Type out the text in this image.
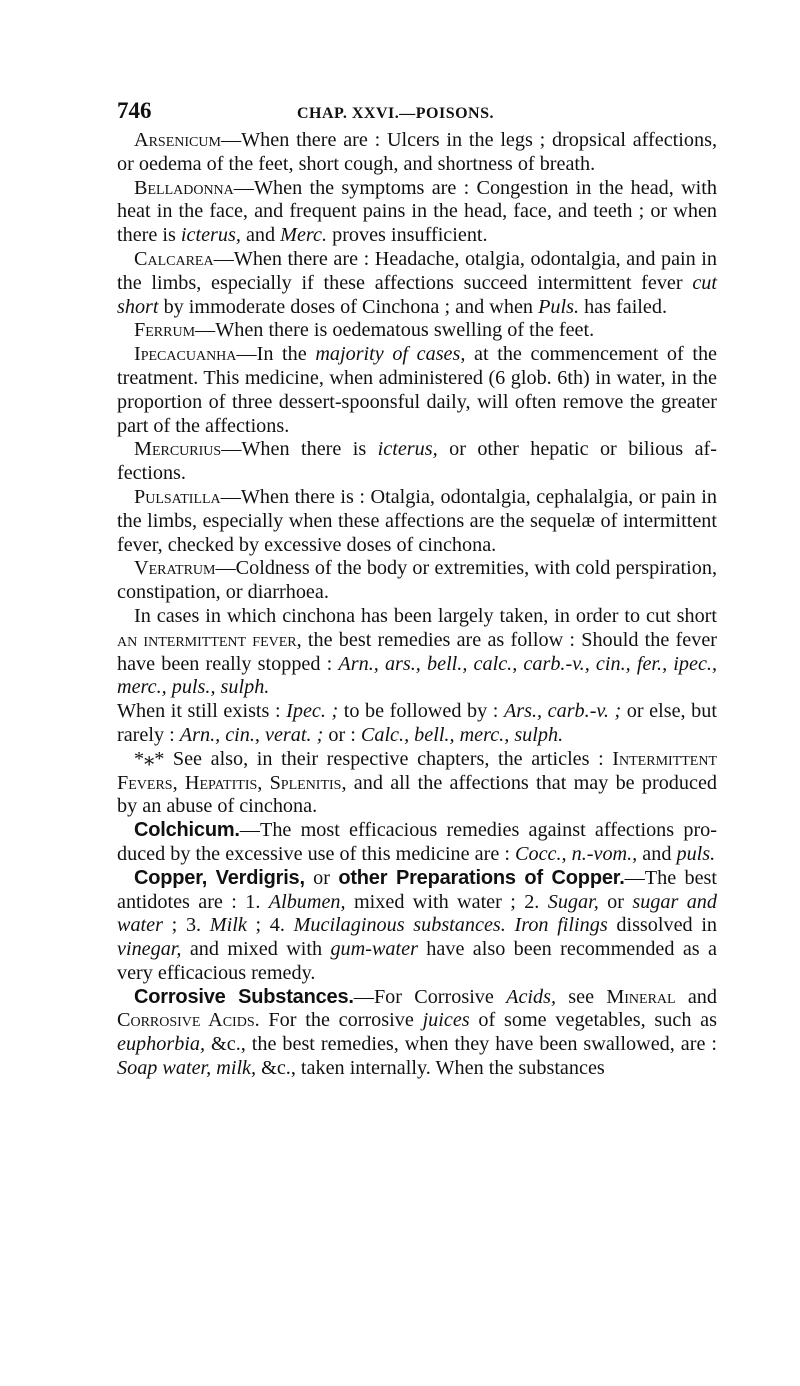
746	CHAP. XXVI.—POISONS.

Arsenicum—When there are : Ulcers in the legs ; dropsical affections, or oedema of the feet, short cough, and shortness of breath.

Belladonna—When the symptoms are : Congestion in the head, with heat in the face, and frequent pains in the head, face, and teeth ; or when there is icterus, and Merc. proves insufficient.

Calcarea—When there are : Headache, otalgia, odontalgia, and pain in the limbs, especially if these affections succeed intermittent fever cut short by immoderate doses of Cinchona ; and when Puls. has failed.

Ferrum—When there is oedematous swelling of the feet.

Ipecacuanha—In the majority of cases, at the commencement of the treatment. This medicine, when administered (6 glob. 6th) in water, in the proportion of three dessert-spoonsful daily, will often remove the greater part of the affections.

Mercurius—When there is icterus, or other hepatic or bilious affections.

Pulsatilla—When there is : Otalgia, odontalgia, cephalalgia, or pain in the limbs, especially when these affections are the sequelæ of intermittent fever, checked by excessive doses of cinchona.

Veratrum—Coldness of the body or extremities, with cold perspiration, constipation, or diarrhoea.

In cases in which cinchona has been largely taken, in order to cut short an intermittent fever, the best remedies are as follow : Should the fever have been really stopped : Arn., ars., bell., calc., carb.-v., cin., fer., ipec., merc., puls., sulph.
When it still exists : Ipec. ; to be followed by : Ars., carb.-v. ; or else, but rarely : Arn., cin., verat. ; or : Calc., bell., merc., sulph.

*⁎* See also, in their respective chapters, the articles : Intermittent Fevers, Hepatitis, Splenitis, and all the affections that may be produced by an abuse of cinchona.

Colchicum.—The most efficacious remedies against affections produced by the excessive use of this medicine are : Cocc., n.-vom., and puls.

Copper, Verdigris, or other Preparations of Copper.—The best antidotes are : 1. Albumen, mixed with water ; 2. Sugar, or sugar and water ; 3. Milk ; 4. Mucilaginous substances. Iron filings dissolved in vinegar, and mixed with gum-water have also been recommended as a very efficacious remedy.

Corrosive Substances.—For Corrosive Acids, see Mineral and Corrosive Acids. For the corrosive juices of some vegetables, such as euphorbia, &c., the best remedies, when they have been swallowed, are : Soap water, milk, &c., taken internally. When the substances
